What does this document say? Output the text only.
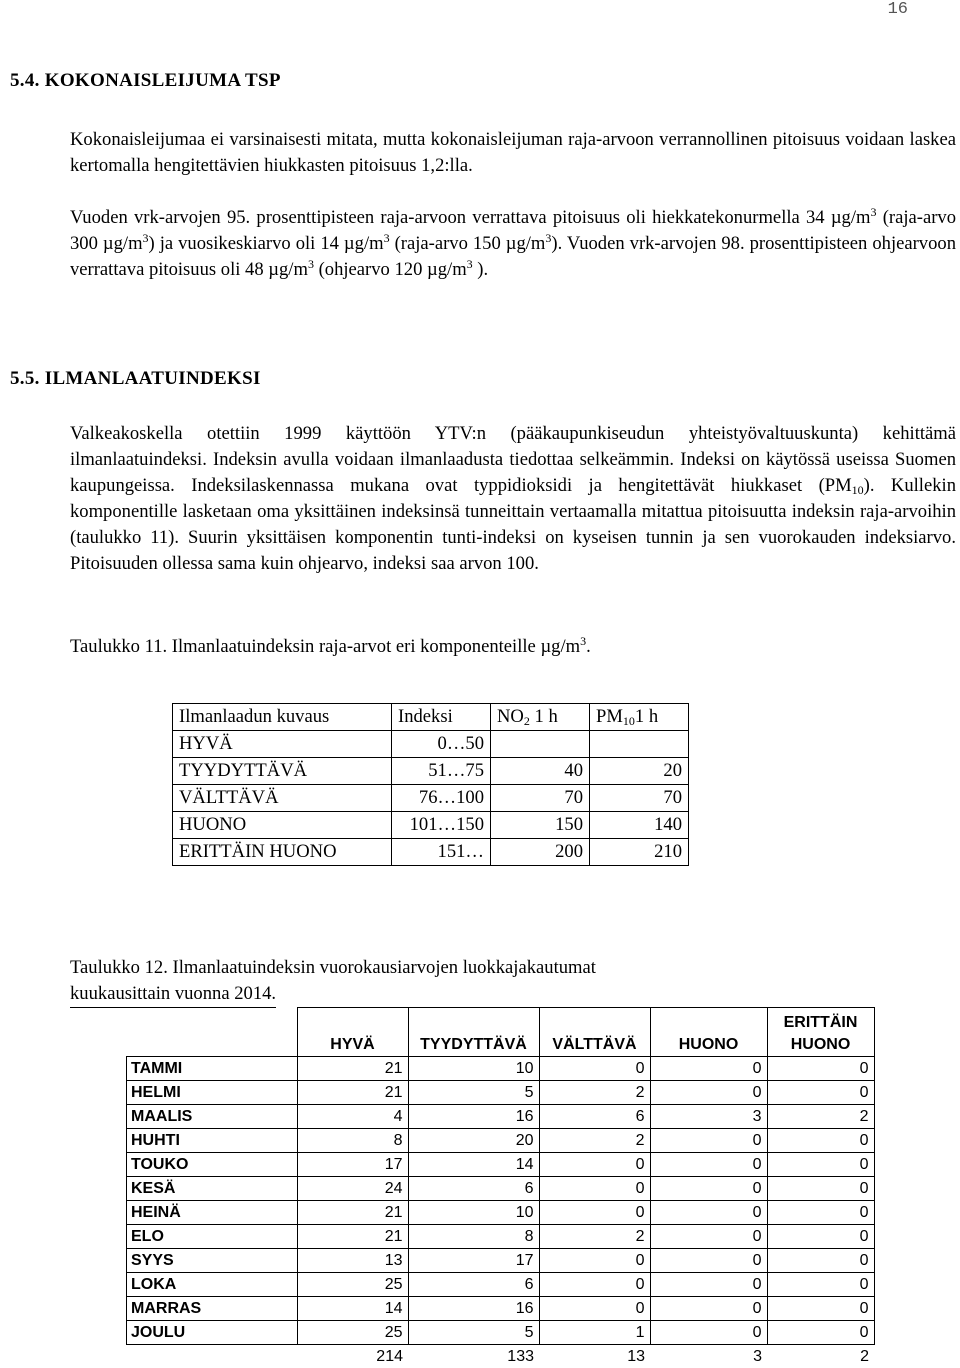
16
5.4. KOKONAISLEIJUMA TSP
Kokonaisleijumaa ei varsinaisesti mitata, mutta kokonaisleijuman raja-arvoon verrannollinen pitoisuus voidaan laskea kertomalla hengitettävien hiukkasten pitoisuus 1,2:lla.
Vuoden vrk-arvojen 95. prosenttipisteen raja-arvoon verrattava pitoisuus oli hiekkatekonurmella 34 $\mu g/m^3$ (raja-arvo 300 $\mu g/m^3$) ja vuosikeskiarvo oli 14 $\mu g/m^3$ (raja-arvo 150 $\mu g/m^3$). Vuoden vrk-arvojen 98. prosenttipisteen ohjearvoon verrattava pitoisuus oli 48 $\mu g/m^3$ (ohjearvo 120 $\mu g/m^3$ ).
5.5. ILMANLAATUINDEKSI
Valkeakoskella otettiin 1999 käyttöön YTV:n (pääkaupunkiseudun yhteistyövaltuuskunta) kehittämä ilmanlaatuindeksi. Indeksin avulla voidaan ilmanlaadusta tiedottaa selkeämmin. Indeksi on käytössä useissa Suomen kaupungeissa. Indeksilaskennassa mukana ovat typpidioksidi ja hengitettävät hiukkaset $(PM_{10})$. Kullekin komponentille lasketaan oma yksittäinen indeksinsä tunneittain vertaamalla mitattua pitoisuutta indeksin raja-arvoihin (taulukko 11). Suurin yksittäisen komponentin tunti-indeksi on kyseisen tunnin ja sen vuorokauden indeksiarvo. Pitoisuuden ollessa sama kuin ohjearvo, indeksi saa arvon 100.
Taulukko 11. Ilmanlaatuindeksin raja-arvot eri komponenteille $\mu g/m^3$.
Ilmanlaadun kuvaus	Indeksi	$NO_2$ 1 h	$PM_{10}1$ h
HYVÄ	0…50		
TYYDYTTÄVÄ	51…75	40	20
VÄLTTÄVÄ	76…100	70	70
HUONO	101…150	150	140
ERITTÄIN HUONO	151…	200	210
Taulukko 12. Ilmanlaatuindeksin vuorokausiarvojen luokkajakautumat
kuukausittain vuonna 2014.
	HYVÄ	TYYDYTTÄVÄ	VÄLTTÄVÄ	HUONO	ERITTÄIN
HUONO
TAMMI	21	10	0	0	0
HELMI	21	5	2	0	0
MAALIS	4	16	6	3	2
HUHTI	8	20	2	0	0
TOUKO	17	14	0	0	0
KESÄ	24	6	0	0	0
HEINÄ	21	10	0	0	0
ELO	21	8	2	0	0
SYYS	13	17	0	0	0
LOKA	25	6	0	0	0
MARRAS	14	16	0	0	0
JOULU	25	5	1	0	0
	214	133	13	3	2
